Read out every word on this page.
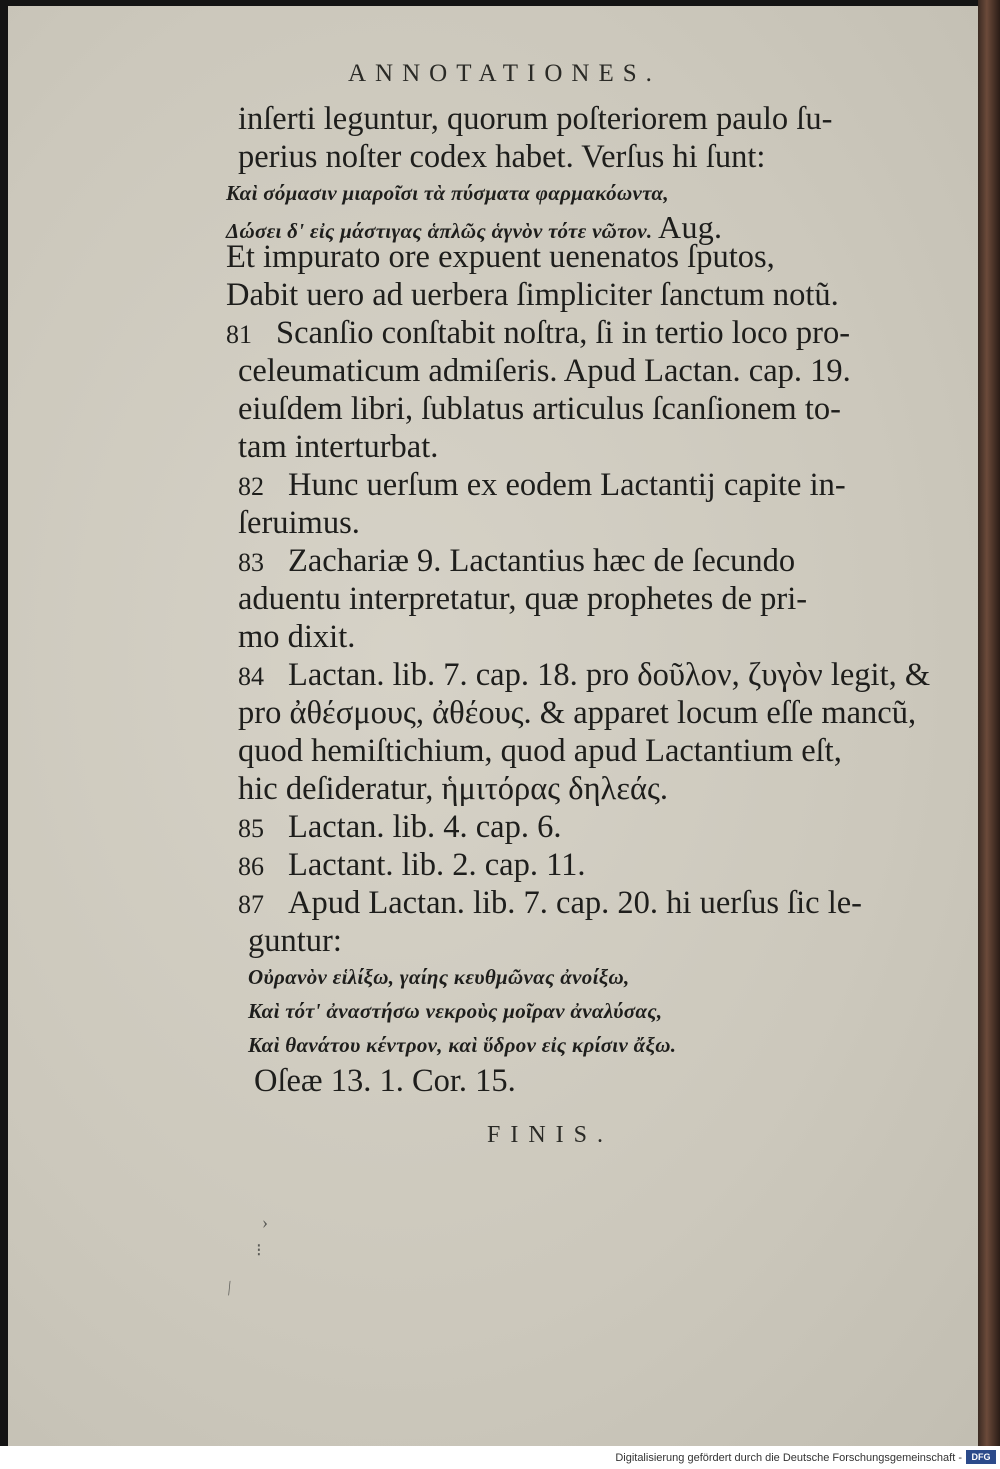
ANNOTATIONES.
inſerti leguntur, quorum poſteriorem paulo ſu-
perius noſter codex habet. Verſus hi ſunt:
Καὶ σόμασιν μιαροῖσι τὰ πύσματα φαρμακόωντα,
Δώσει δ' εἰς μάστιγας ἁπλῶς ἁγνὸν τότε νῶτον. Aug.
Et impurato ore expuent uenenatos ſputos,
Dabit uero ad uerbera ſimpliciter ſanctum notũ.
81 Scanſio conſtabit noſtra, ſi in tertio loco pro-
celeumaticum admiſeris. Apud Lactan. cap. 19.
eiuſdem libri, ſublatus articulus ſcanſionem to-
tam interturbat.
82 Hunc uerſum ex eodem Lactantij capite in-
ſeruimus.
83 Zachariæ 9. Lactantius hæc de ſecundo
aduentu interpretatur, quæ prophetes de pri-
mo dixit.
84 Lactan. lib. 7. cap. 18. pro δοῦλον, ζυγὸν legit, &
pro ἀθέσμους, ἀθέους. & apparet locum eſſe mancũ,
quod hemiſtichium, quod apud Lactantium eſt,
hic deſideratur, ἡμιτόρας δηλεάς.
85 Lactan. lib. 4. cap. 6.
86 Lactant. lib. 2. cap. 11.
87 Apud Lactan. lib. 7. cap. 20. hi uerſus ſic le-
guntur:
Οὐρανὸν εἱλίξω, γαίης κευθμῶνας ἀνοίξω,
Καὶ τότ' ἀναστήσω νεκροὺς μοῖραν ἀναλύσας,
Καὶ θανάτου κέντρον, καὶ ὕδρον εἰς κρίσιν ἄξω.
Oſeæ 13. 1. Cor. 15.
FINIS.
›
⁝
⁄
Digitalisierung gefördert durch die Deutsche Forschungsgemeinschaft -	DFG
